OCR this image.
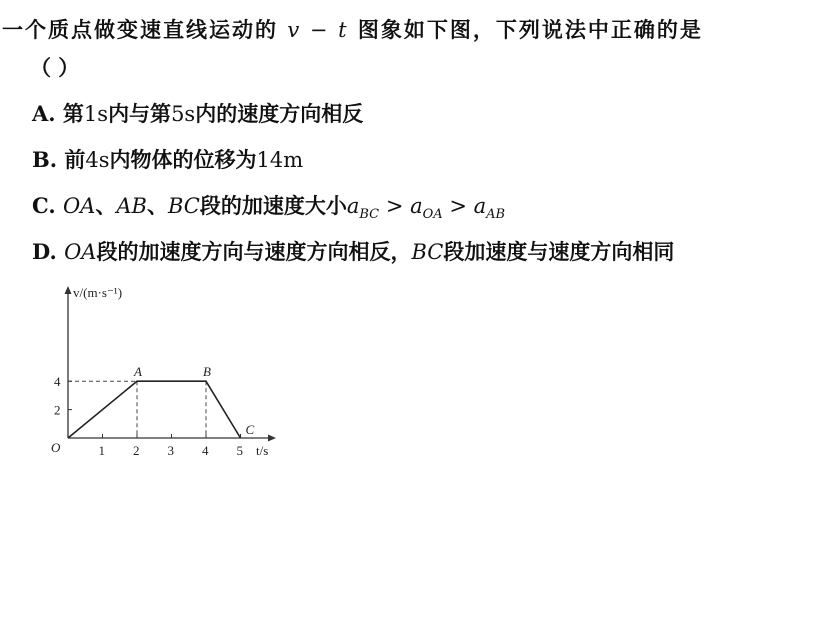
一个质点做变速直线运动的 v − t 图象如下图，下列说法中正确的是
（ ）
A. 第1s内与第5s内的速度方向相反
B. 前4s内物体的位移为14m
C. OA、AB、BC段的加速度大小$a_{BC} > a_{OA} > a_{AB}$
D. OA段的加速度方向与速度方向相反，BC段加速度与速度方向相同
1 2 3 4 5
2
4
A	B
C
v/(m·s⁻¹)
t/s
O
